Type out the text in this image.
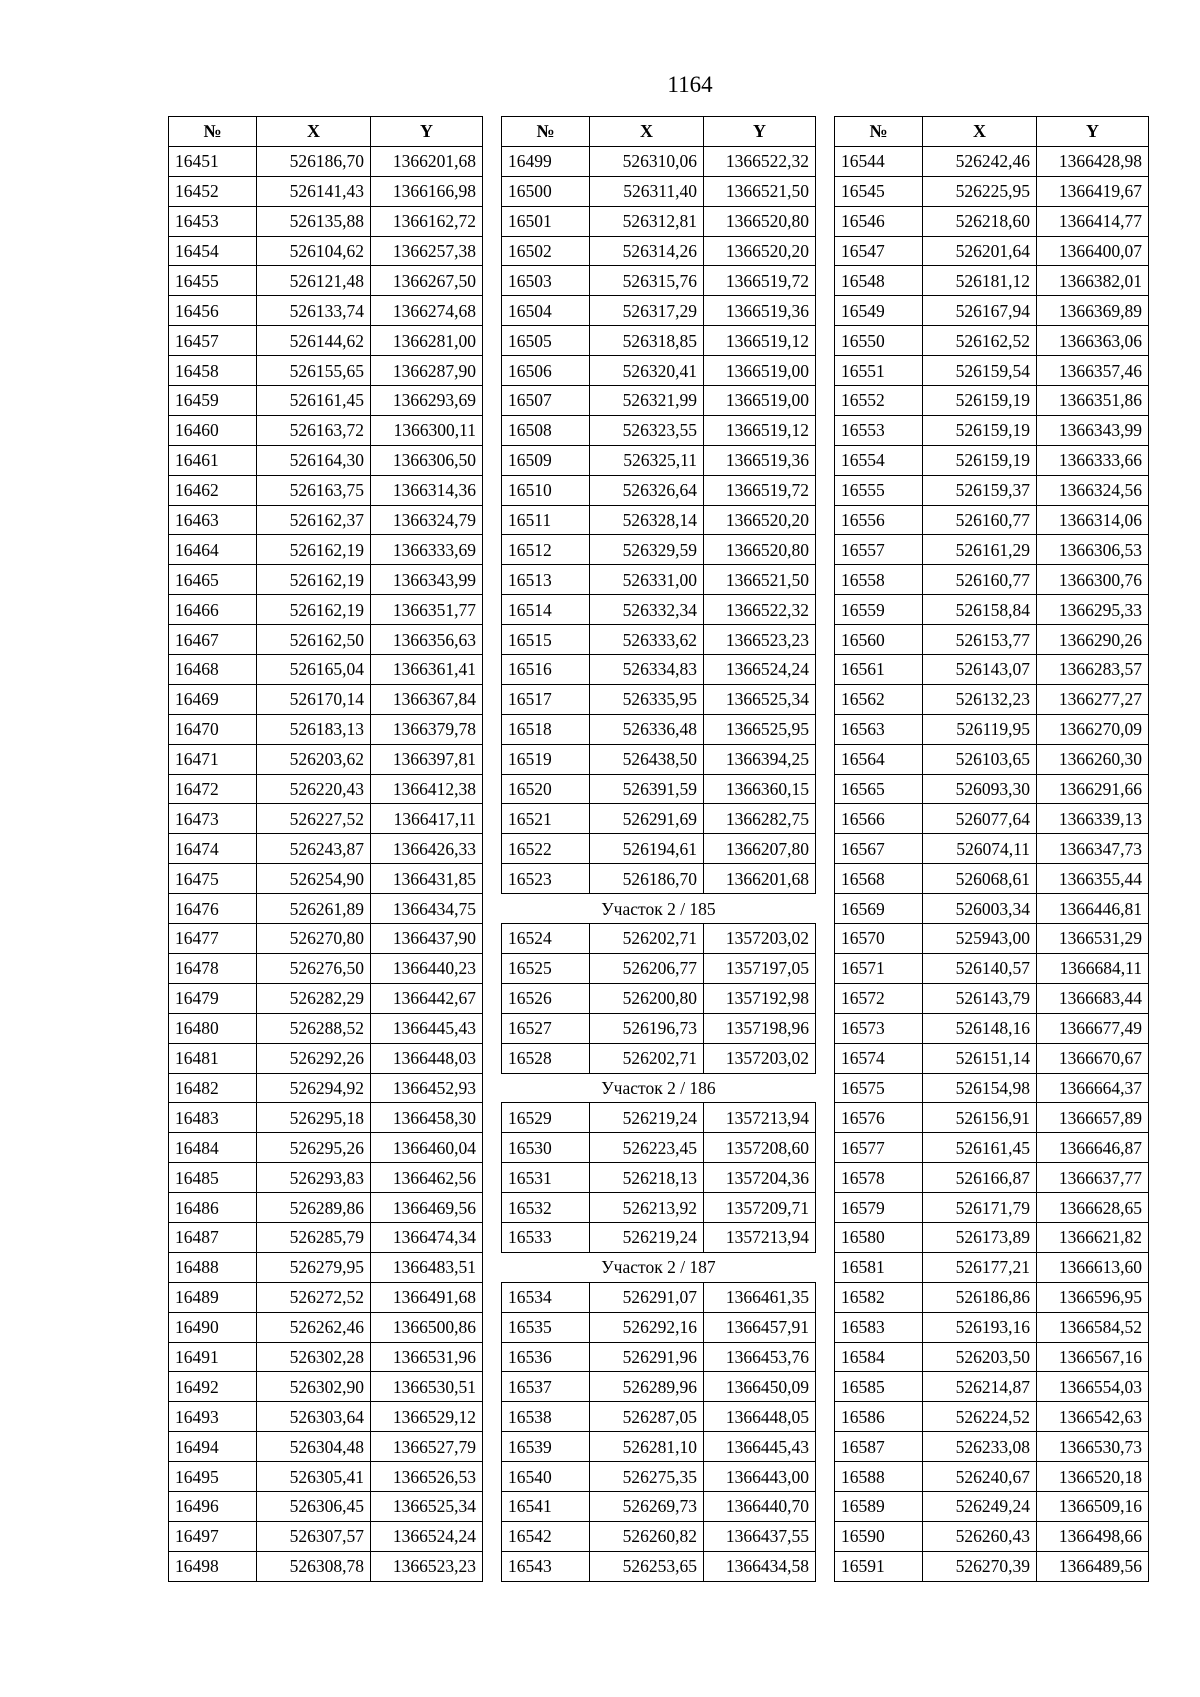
1164
№	X	Y
16451	526186,70	1366201,68
16452	526141,43	1366166,98
16453	526135,88	1366162,72
16454	526104,62	1366257,38
16455	526121,48	1366267,50
16456	526133,74	1366274,68
16457	526144,62	1366281,00
16458	526155,65	1366287,90
16459	526161,45	1366293,69
16460	526163,72	1366300,11
16461	526164,30	1366306,50
16462	526163,75	1366314,36
16463	526162,37	1366324,79
16464	526162,19	1366333,69
16465	526162,19	1366343,99
16466	526162,19	1366351,77
16467	526162,50	1366356,63
16468	526165,04	1366361,41
16469	526170,14	1366367,84
16470	526183,13	1366379,78
16471	526203,62	1366397,81
16472	526220,43	1366412,38
16473	526227,52	1366417,11
16474	526243,87	1366426,33
16475	526254,90	1366431,85
16476	526261,89	1366434,75
16477	526270,80	1366437,90
16478	526276,50	1366440,23
16479	526282,29	1366442,67
16480	526288,52	1366445,43
16481	526292,26	1366448,03
16482	526294,92	1366452,93
16483	526295,18	1366458,30
16484	526295,26	1366460,04
16485	526293,83	1366462,56
16486	526289,86	1366469,56
16487	526285,79	1366474,34
16488	526279,95	1366483,51
16489	526272,52	1366491,68
16490	526262,46	1366500,86
16491	526302,28	1366531,96
16492	526302,90	1366530,51
16493	526303,64	1366529,12
16494	526304,48	1366527,79
16495	526305,41	1366526,53
16496	526306,45	1366525,34
16497	526307,57	1366524,24
16498	526308,78	1366523,23
№	X	Y
16499	526310,06	1366522,32
16500	526311,40	1366521,50
16501	526312,81	1366520,80
16502	526314,26	1366520,20
16503	526315,76	1366519,72
16504	526317,29	1366519,36
16505	526318,85	1366519,12
16506	526320,41	1366519,00
16507	526321,99	1366519,00
16508	526323,55	1366519,12
16509	526325,11	1366519,36
16510	526326,64	1366519,72
16511	526328,14	1366520,20
16512	526329,59	1366520,80
16513	526331,00	1366521,50
16514	526332,34	1366522,32
16515	526333,62	1366523,23
16516	526334,83	1366524,24
16517	526335,95	1366525,34
16518	526336,48	1366525,95
16519	526438,50	1366394,25
16520	526391,59	1366360,15
16521	526291,69	1366282,75
16522	526194,61	1366207,80
16523	526186,70	1366201,68
Участок 2 / 185		
16524	526202,71	1357203,02
16525	526206,77	1357197,05
16526	526200,80	1357192,98
16527	526196,73	1357198,96
16528	526202,71	1357203,02
Участок 2 / 186		
16529	526219,24	1357213,94
16530	526223,45	1357208,60
16531	526218,13	1357204,36
16532	526213,92	1357209,71
16533	526219,24	1357213,94
Участок 2 / 187		
16534	526291,07	1366461,35
16535	526292,16	1366457,91
16536	526291,96	1366453,76
16537	526289,96	1366450,09
16538	526287,05	1366448,05
16539	526281,10	1366445,43
16540	526275,35	1366443,00
16541	526269,73	1366440,70
16542	526260,82	1366437,55
16543	526253,65	1366434,58
№	X	Y
16544	526242,46	1366428,98
16545	526225,95	1366419,67
16546	526218,60	1366414,77
16547	526201,64	1366400,07
16548	526181,12	1366382,01
16549	526167,94	1366369,89
16550	526162,52	1366363,06
16551	526159,54	1366357,46
16552	526159,19	1366351,86
16553	526159,19	1366343,99
16554	526159,19	1366333,66
16555	526159,37	1366324,56
16556	526160,77	1366314,06
16557	526161,29	1366306,53
16558	526160,77	1366300,76
16559	526158,84	1366295,33
16560	526153,77	1366290,26
16561	526143,07	1366283,57
16562	526132,23	1366277,27
16563	526119,95	1366270,09
16564	526103,65	1366260,30
16565	526093,30	1366291,66
16566	526077,64	1366339,13
16567	526074,11	1366347,73
16568	526068,61	1366355,44
16569	526003,34	1366446,81
16570	525943,00	1366531,29
16571	526140,57	1366684,11
16572	526143,79	1366683,44
16573	526148,16	1366677,49
16574	526151,14	1366670,67
16575	526154,98	1366664,37
16576	526156,91	1366657,89
16577	526161,45	1366646,87
16578	526166,87	1366637,77
16579	526171,79	1366628,65
16580	526173,89	1366621,82
16581	526177,21	1366613,60
16582	526186,86	1366596,95
16583	526193,16	1366584,52
16584	526203,50	1366567,16
16585	526214,87	1366554,03
16586	526224,52	1366542,63
16587	526233,08	1366530,73
16588	526240,67	1366520,18
16589	526249,24	1366509,16
16590	526260,43	1366498,66
16591	526270,39	1366489,56
